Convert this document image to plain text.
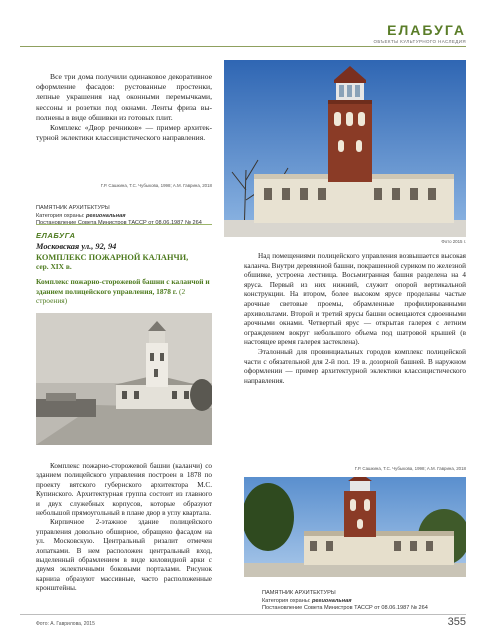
ЕЛАБУГА
ОБЪЕКТЫ КУЛЬТУРНОГО НАСЛЕДИЯ

Все три дома получили одинаковое декоративное оформление фасадов: рустованные простенки, лепные украшения над оконными перемычками, кессоны и розетки под окнами. Ленты фриза выполнены в виде обшивки из готовых плит.

Комплекс «Двор речников» — пример архитектурной эклектики классицистического направления.

Г.Р. Сашкина, Т.С. Чубыкова, 1998; А.М. Гаврина, 2018
ПАМЯТНИК АРХИТЕКТУРЫ
Категория охраны: региональная
Фото 2015 г.
ЕЛАБУГА
Московская ул., 92, 94
КОМПЛЕКС ПОЖАРНОЙ КАЛАНЧИ,
сер. XIX в.
Комплекс пожарно-сторожевой башни с каланчой и зданием полицейского управления, 1878 г. (2 строения)

Над помещениями полицейского управления возвышается высокая каланча. Внутри деревянной башни, покрашенной суриком по железной обшивке, устроена лестница. Восьмигранная башня разделена на 4 яруса. Первый из них нижний, служит опорой вертикальной конструкции. На втором, более высоком ярусе проделаны частые арочные световые проемы, обрамленные профилированными архивольтами. Второй и третий ярусы башни освещаются сдвоенными арочными окнами. Четвертый ярус — открытая галерея с летним ограждением вокруг небольшого объема под шатровой крышей (в настоящее время галерея застеклена).

Эталонный для провинциальных городов комплекс полицейской части с обязательной для 2-й пол. 19 в. дозорной башней. В наружном оформлении — пример архитектурной эклектики классицистического направления.

Г.Р. Сашкина, Т.С. Чубыкова, 1998; А.М. Гаврина, 2018

Комплекс пожарно-сторожевой башни (каланчи) со зданием полицейского управления построен в 1878 по проекту вятского губернского архитектора М.С. Купинского. Архитектурная группа состоит из главного и двух служебных корпусов, которые образуют небольшой прямоугольный в плане двор в углу квартала.

Кирпичное 2-этажное здание полицейского управления довольно обширное, обращено фасадом на ул. Московскую. Центральный ризалит отмечен лопатками. В нем расположен центральный вход, выделенный обрамлением в виде киловидной арки с двумя эклектичными боковыми порталами. Рисунок карниза образуют массивные, часто расположенные кронштейны.

ПАМЯТНИК АРХИТЕКТУРЫ
Категория охраны: региональная
Постановление Совета Министров ТАССР от 08.06.1987 № 264
Фото: А. Гаврилова, 2015	355
